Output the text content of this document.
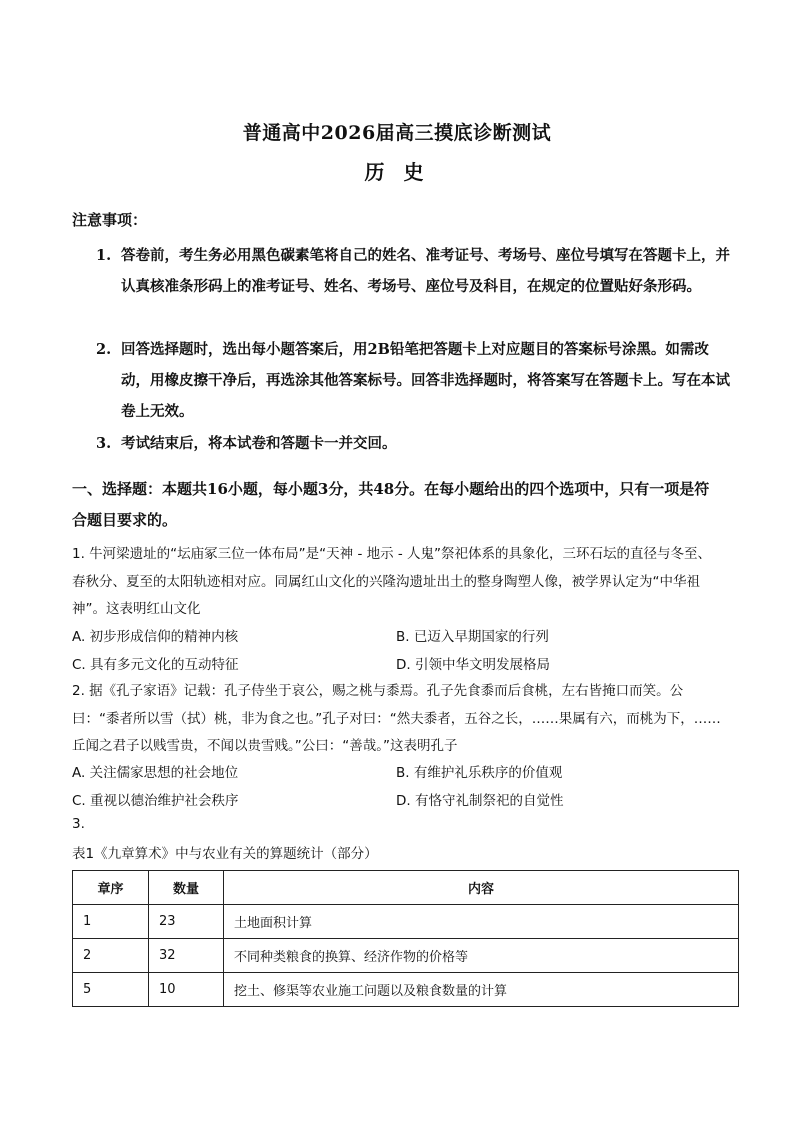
普通高中2026届高三摸底诊断测试
历 史
注意事项：
1. 答卷前，考生务必用黑色碳素笔将自己的姓名、准考证号、考场号、座位号填写在答题卡上，并认真核准条形码上的准考证号、姓名、考场号、座位号及科目，在规定的位置贴好条形码。
2. 回答选择题时，选出每小题答案后，用2B铅笔把答题卡上对应题目的答案标号涂黑。如需改动，用橡皮擦干净后，再选涂其他答案标号。回答非选择题时，将答案写在答题卡上。写在本试卷上无效。
3. 考试结束后，将本试卷和答题卡一并交回。
一、选择题：本题共16小题，每小题3分，共48分。在每小题给出的四个选项中，只有一项是符合题目要求的。
1. 牛河梁遗址的“坛庙冢三位一体布局”是“天神 - 地示 - 人鬼”祭祀体系的具象化，三环石坛的直径与冬至、春秋分、夏至的太阳轨迹相对应。同属红山文化的兴隆沟遗址出土的整身陶塑人像，被学界认定为“中华祖神”。这表明红山文化
A. 初步形成信仰的精神内核	B. 已迈入早期国家的行列
C. 具有多元文化的互动特征	D. 引领中华文明发展格局
2. 据《孔子家语》记载：孔子侍坐于哀公，赐之桃与黍焉。孔子先食黍而后食桃，左右皆掩口而笑。公曰：“黍者所以雪（拭）桃，非为食之也。”孔子对曰：“然夫黍者，五谷之长，……果属有六，而桃为下，……丘闻之君子以贱雪贵，不闻以贵雪贱。”公曰：“善哉。”这表明孔子
A. 关注儒家思想的社会地位	B. 有维护礼乐秩序的价值观
C. 重视以德治维护社会秩序	D. 有恪守礼制祭祀的自觉性
3.
表1《九章算术》中与农业有关的算题统计（部分）
章序	数量	内容
1	23	土地面积计算
2	32	不同种类粮食的换算、经济作物的价格等
5	10	挖土、修渠等农业施工问题以及粮食数量的计算
